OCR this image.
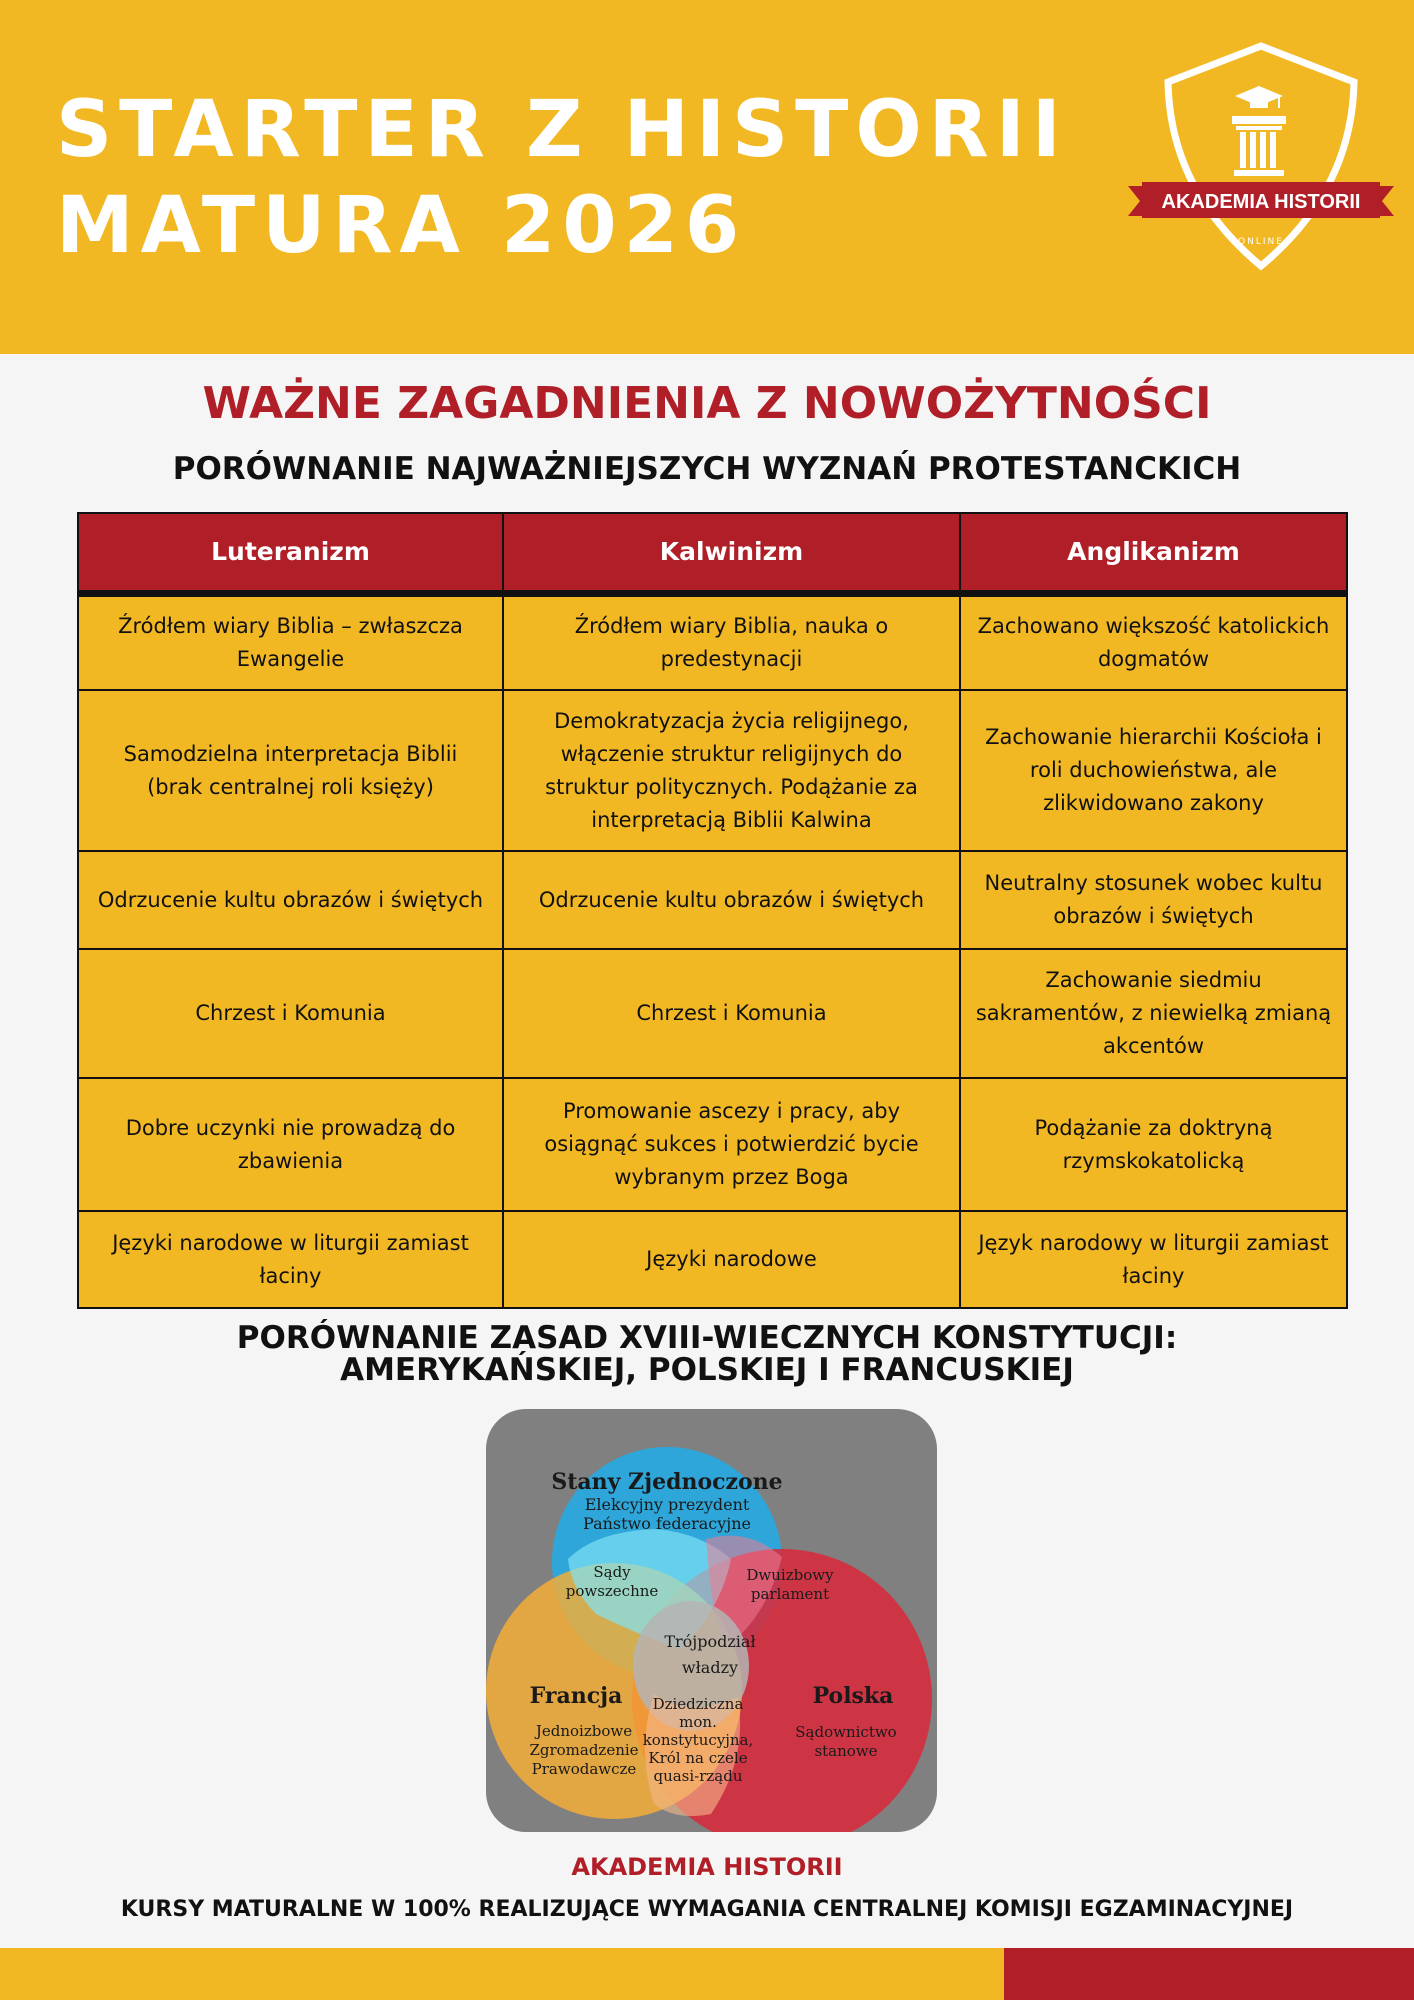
STARTER Z HISTORII
MATURA 2026	AKADEMIA HISTORII
ONLINE
WAŻNE ZAGADNIENIA Z NOWOŻYTNOŚCI
PORÓWNANIE NAJWAŻNIEJSZYCH WYZNAŃ PROTESTANCKICH
Luteranizm	Kalwinizm	Anglikanizm
Źródłem wiary Biblia – zwłaszcza Ewangelie	Źródłem wiary Biblia, nauka o predestynacji	Zachowano większość katolickich dogmatów
Samodzielna interpretacja Biblii (brak centralnej roli księży)	Demokratyzacja życia religijnego, włączenie struktur religijnych do struktur politycznych. Podążanie za interpretacją Biblii Kalwina	Zachowanie hierarchii Kościoła i roli duchowieństwa, ale zlikwidowano zakony
Odrzucenie kultu obrazów i świętych	Odrzucenie kultu obrazów i świętych	Neutralny stosunek wobec kultu obrazów i świętych
Chrzest i Komunia	Chrzest i Komunia	Zachowanie siedmiu sakramentów, z niewielką zmianą akcentów
Dobre uczynki nie prowadzą do zbawienia	Promowanie ascezy i pracy, aby osiągnąć sukces i potwierdzić bycie wybranym przez Boga	Podążanie za doktryną rzymskokatolicką
Języki narodowe w liturgii zamiast łaciny	Języki narodowe	Język narodowy w liturgii zamiast łaciny
PORÓWNANIE ZASAD XVIII-WIECZNYCH KONSTYTUCJI:
AMERYKAŃSKIEJ, POLSKIEJ I FRANCUSKIEJ
Stany Zjednoczone
Elekcyjny prezydent
Państwo federacyjne
Sądy
powszechne
Dwuizbowy
parlament
Trójpodział
władzy
Francja
Jednoizbowe
Zgromadzenie
Prawodawcze
Dziedziczna
mon.
konstytucyjna,
Król na czele
quasi-rządu
Polska
Sądownictwo
stanowe
AKADEMIA HISTORII
KURSY MATURALNE W 100% REALIZUJĄCE WYMAGANIA CENTRALNEJ KOMISJI EGZAMINACYJNEJ
